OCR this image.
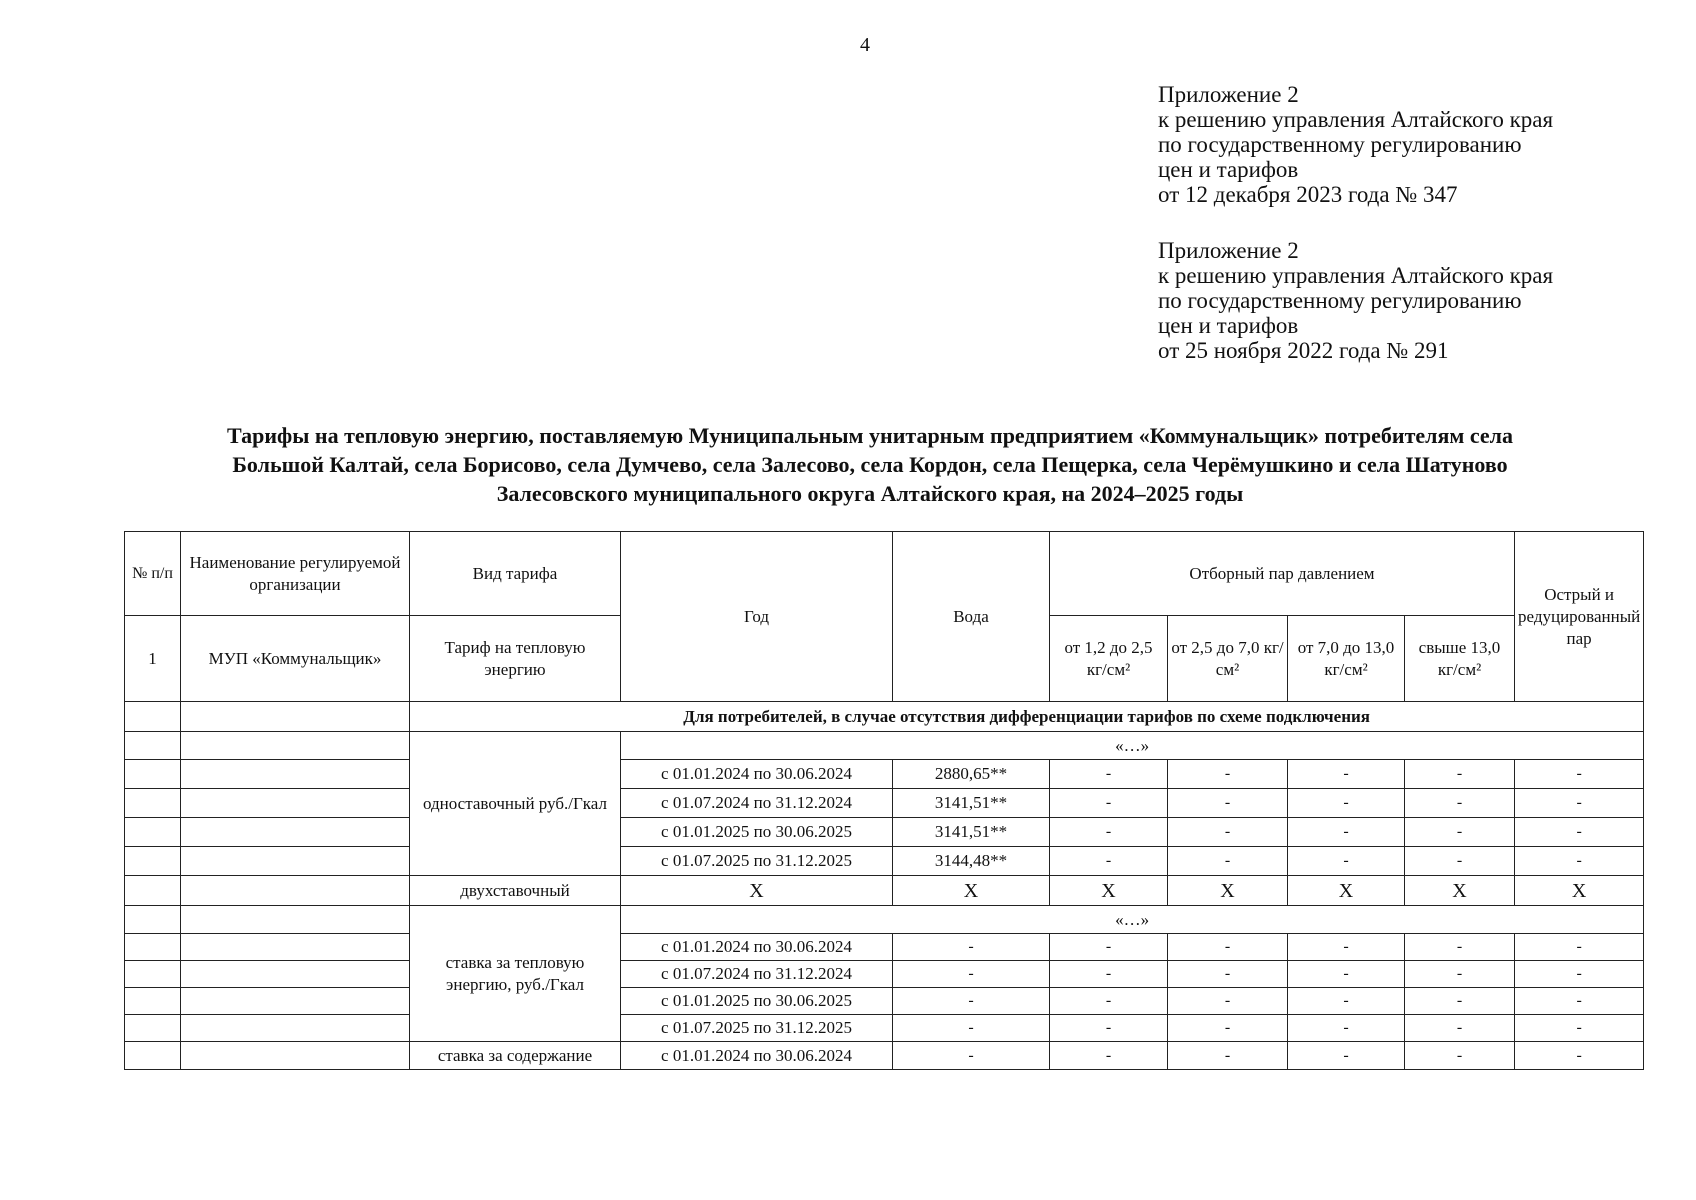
4
Приложение 2
к решению управления Алтайского края
по государственному регулированию
цен и тарифов
от 12 декабря 2023 года № 347
Приложение 2
к решению управления Алтайского края
по государственному регулированию
цен и тарифов
от 25 ноября 2022 года № 291
Тарифы на тепловую энергию, поставляемую Муниципальным унитарным предприятием «Коммунальщик» потребителям села
Большой Калтай, села Борисово, села Думчево, села Залесово, села Кордон, села Пещерка, села Черёмушкино и села Шатуново
Залесовского муниципального округа Алтайского края, на 2024–2025 годы
№ п/п	Наименование регулируемой организации	Вид тарифа	Год	Вода	Отборный пар давлением				Острый и редуцированный пар
1	МУП «Коммунальщик»	Тариф на тепловую энергию			от 1,2 до 2,5 кг/см²	от 2,5 до 7,0 кг/см²	от 7,0 до 13,0 кг/см²	свыше 13,0 кг/см²	
		Для потребителей, в случае отсутствия дифференциации тарифов по схеме подключения							
		одноставочный руб./Гкал	«…»						
			с 01.01.2024 по 30.06.2024	2880,65**	-	-	-	-	-
			с 01.07.2024 по 31.12.2024	3141,51**	-	-	-	-	-
			с 01.01.2025 по 30.06.2025	3141,51**	-	-	-	-	-
			с 01.07.2025 по 31.12.2025	3144,48**	-	-	-	-	-
		двухставочный	X	X	X	X	X	X	X
		ставка за тепловую энергию, руб./Гкал	«…»						
			с 01.01.2024 по 30.06.2024	-	-	-	-	-	-
			с 01.07.2024 по 31.12.2024	-	-	-	-	-	-
			с 01.01.2025 по 30.06.2025	-	-	-	-	-	-
			с 01.07.2025 по 31.12.2025	-	-	-	-	-	-
		ставка за содержание	с 01.01.2024 по 30.06.2024	-	-	-	-	-	-
